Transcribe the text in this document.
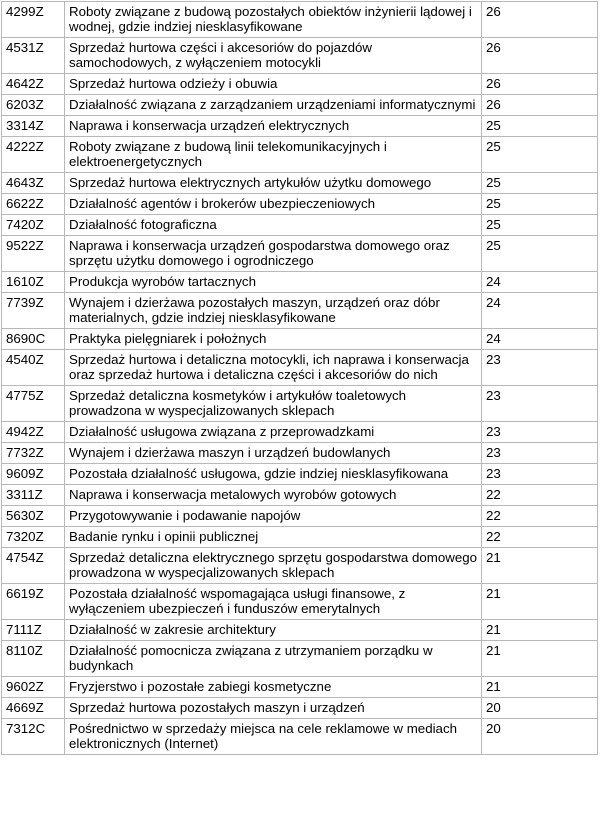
4299Z	Roboty związane z budową pozostałych obiektów inżynierii lądowej i wodnej, gdzie indziej niesklasyfikowane	26
4531Z	Sprzedaż hurtowa części i akcesoriów do pojazdów samochodowych, z wyłączeniem motocykli	26
4642Z	Sprzedaż hurtowa odzieży i obuwia	26
6203Z	Działalność związana z zarządzaniem urządzeniami informatycznymi	26
3314Z	Naprawa i konserwacja urządzeń elektrycznych	25
4222Z	Roboty związane z budową linii telekomunikacyjnych i elektroenergetycznych	25
4643Z	Sprzedaż hurtowa elektrycznych artykułów użytku domowego	25
6622Z	Działalność agentów i brokerów ubezpieczeniowych	25
7420Z	Działalność fotograficzna	25
9522Z	Naprawa i konserwacja urządzeń gospodarstwa domowego oraz sprzętu użytku domowego i ogrodniczego	25
1610Z	Produkcja wyrobów tartacznych	24
7739Z	Wynajem i dzierżawa pozostałych maszyn, urządzeń oraz dóbr materialnych, gdzie indziej niesklasyfikowane	24
8690C	Praktyka pielęgniarek i położnych	24
4540Z	Sprzedaż hurtowa i detaliczna motocykli, ich naprawa i konserwacja oraz sprzedaż hurtowa i detaliczna części i akcesoriów do nich	23
4775Z	Sprzedaż detaliczna kosmetyków i artykułów toaletowych prowadzona w wyspecjalizowanych sklepach	23
4942Z	Działalność usługowa związana z przeprowadzkami	23
7732Z	Wynajem i dzierżawa maszyn i urządzeń budowlanych	23
9609Z	Pozostała działalność usługowa, gdzie indziej niesklasyfikowana	23
3311Z	Naprawa i konserwacja metalowych wyrobów gotowych	22
5630Z	Przygotowywanie i podawanie napojów	22
7320Z	Badanie rynku i opinii publicznej	22
4754Z	Sprzedaż detaliczna elektrycznego sprzętu gospodarstwa domowego prowadzona w wyspecjalizowanych sklepach	21
6619Z	Pozostała działalność wspomagająca usługi finansowe, z wyłączeniem ubezpieczeń i funduszów emerytalnych	21
7111Z	Działalność w zakresie architektury	21
8110Z	Działalność pomocnicza związana z utrzymaniem porządku w budynkach	21
9602Z	Fryzjerstwo i pozostałe zabiegi kosmetyczne	21
4669Z	Sprzedaż hurtowa pozostałych maszyn i urządzeń	20
7312C	Pośrednictwo w sprzedaży miejsca na cele reklamowe w mediach elektronicznych (Internet)	20
